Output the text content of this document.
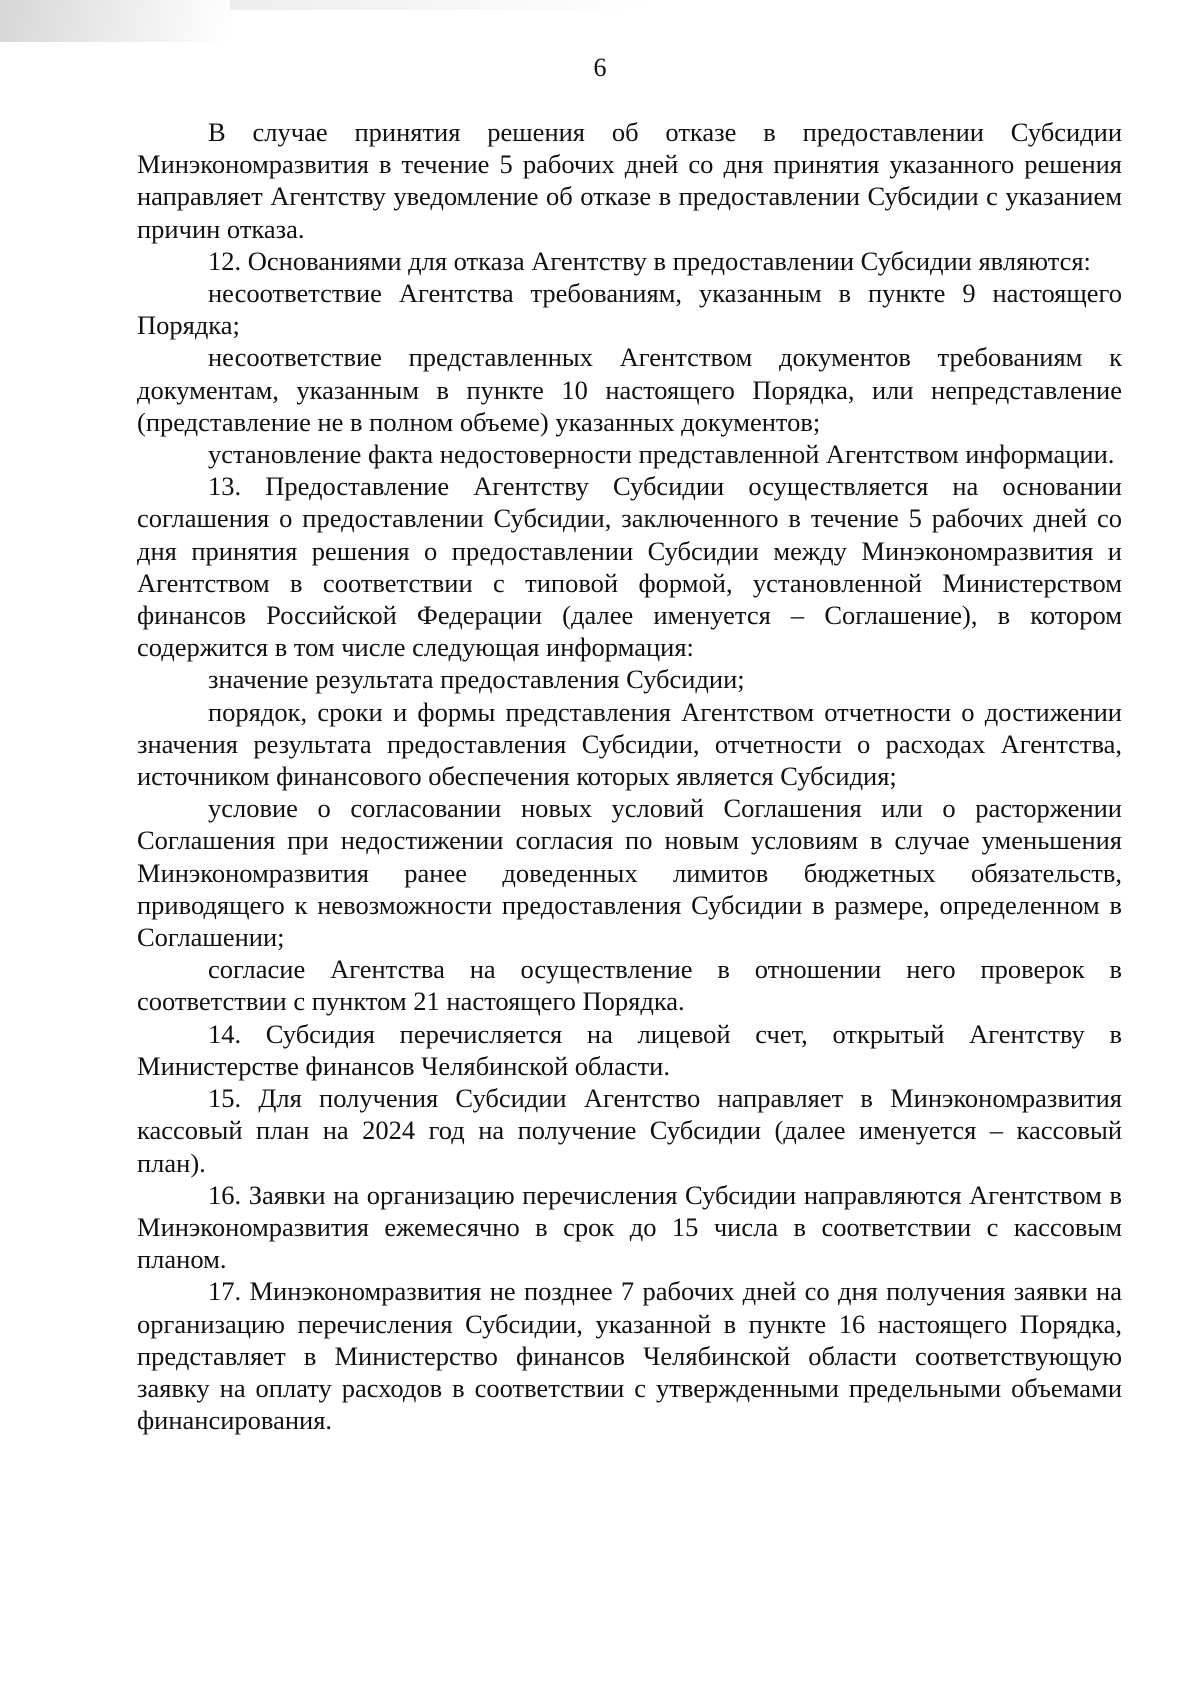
6

В случае принятия решения об отказе в предоставлении Субсидии Минэкономразвития в течение 5 рабочих дней со дня принятия указанного решения направляет Агентству уведомление об отказе в предоставлении Субсидии с указанием причин отказа.

12. Основаниями для отказа Агентству в предоставлении Субсидии являются:

несоответствие Агентства требованиям, указанным в пункте 9 настоящего Порядка;

несоответствие представленных Агентством документов требованиям к документам, указанным в пункте 10 настоящего Порядка, или непредставление (представление не в полном объеме) указанных документов;

установление факта недостоверности представленной Агентством информации.

13. Предоставление Агентству Субсидии осуществляется на основании соглашения о предоставлении Субсидии, заключенного в течение 5 рабочих дней со дня принятия решения о предоставлении Субсидии между Минэкономразвития и Агентством в соответствии с типовой формой, установленной Министерством финансов Российской Федерации (далее именуется – Соглашение), в котором содержится в том числе следующая информация:

значение результата предоставления Субсидии;

порядок, сроки и формы представления Агентством отчетности о достижении значения результата предоставления Субсидии, отчетности о расходах Агентства, источником финансового обеспечения которых является Субсидия;

условие о согласовании новых условий Соглашения или о расторжении Соглашения при недостижении согласия по новым условиям в случае уменьшения Минэкономразвития ранее доведенных лимитов бюджетных обязательств, приводящего к невозможности предоставления Субсидии в размере, определенном в Соглашении;

согласие Агентства на осуществление в отношении него проверок в соответствии с пунктом 21 настоящего Порядка.

14. Субсидия перечисляется на лицевой счет, открытый Агентству в Министерстве финансов Челябинской области.

15. Для получения Субсидии Агентство направляет в Минэкономразвития кассовый план на 2024 год на получение Субсидии (далее именуется – кассовый план).

16. Заявки на организацию перечисления Субсидии направляются Агентством в Минэкономразвития ежемесячно в срок до 15 числа в соответствии с кассовым планом.

17. Минэкономразвития не позднее 7 рабочих дней со дня получения заявки на организацию перечисления Субсидии, указанной в пункте 16 настоящего Порядка, представляет в Министерство финансов Челябинской области соответствующую заявку на оплату расходов в соответствии с утвержденными предельными объемами финансирования.
